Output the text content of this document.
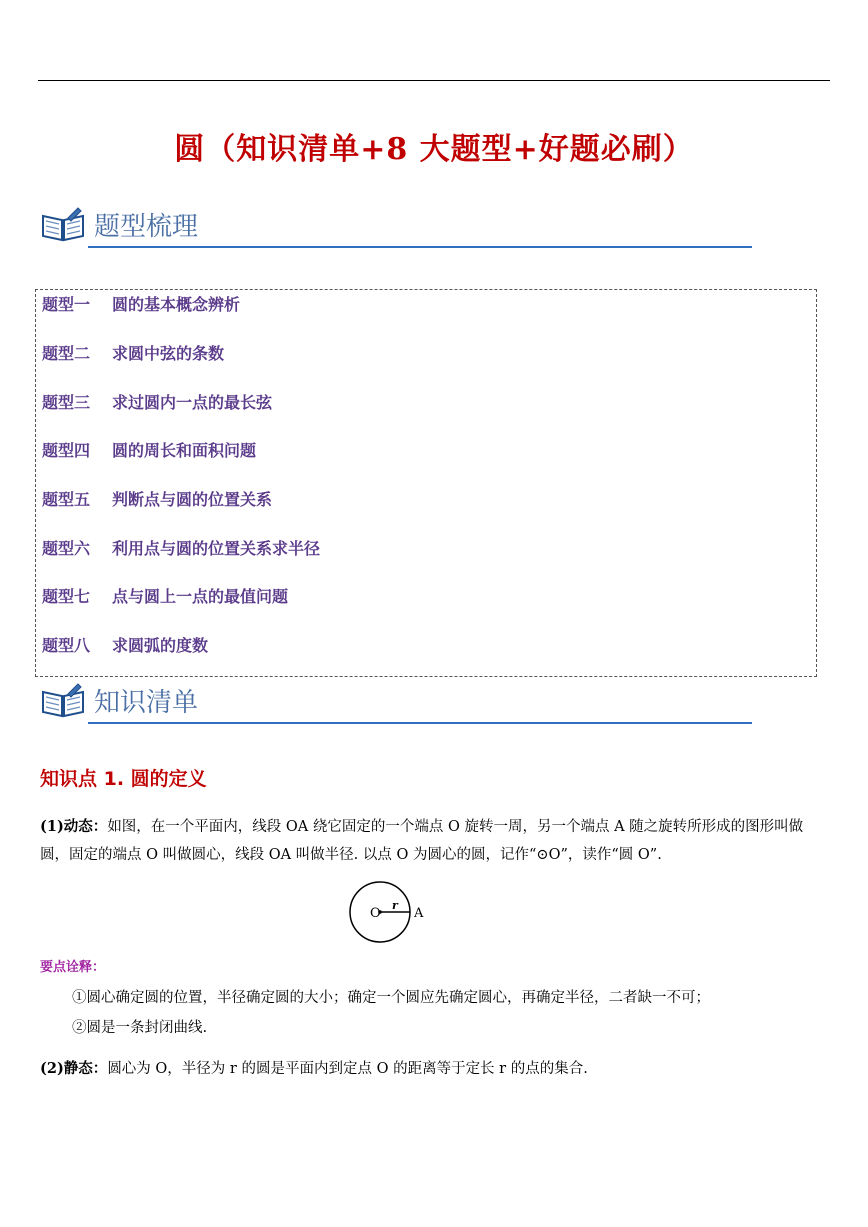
圆（知识清单+8 大题型+好题必刷）
题型梳理
题型一 圆的基本概念辨析
题型二 求圆中弦的条数
题型三 求过圆内一点的最长弦
题型四 圆的周长和面积问题
题型五 判断点与圆的位置关系
题型六 利用点与圆的位置关系求半径
题型七 点与圆上一点的最值问题
题型八 求圆弧的度数
知识清单
知识点 1. 圆的定义
(1)动态：如图，在一个平面内，线段 OA 绕它固定的一个端点 O 旋转一周，另一个端点 A 随之旋转所形成的图形叫做
圆，固定的端点 O 叫做圆心，线段 OA 叫做半径. 以点 O 为圆心的圆，记作“⊙O”，读作“圆 O”.
O
r
A
要点诠释：
①圆心确定圆的位置，半径确定圆的大小；确定一个圆应先确定圆心，再确定半径，二者缺一不可；
②圆是一条封闭曲线.
(2)静态：圆心为 O，半径为 r 的圆是平面内到定点 O 的距离等于定长 r 的点的集合.
